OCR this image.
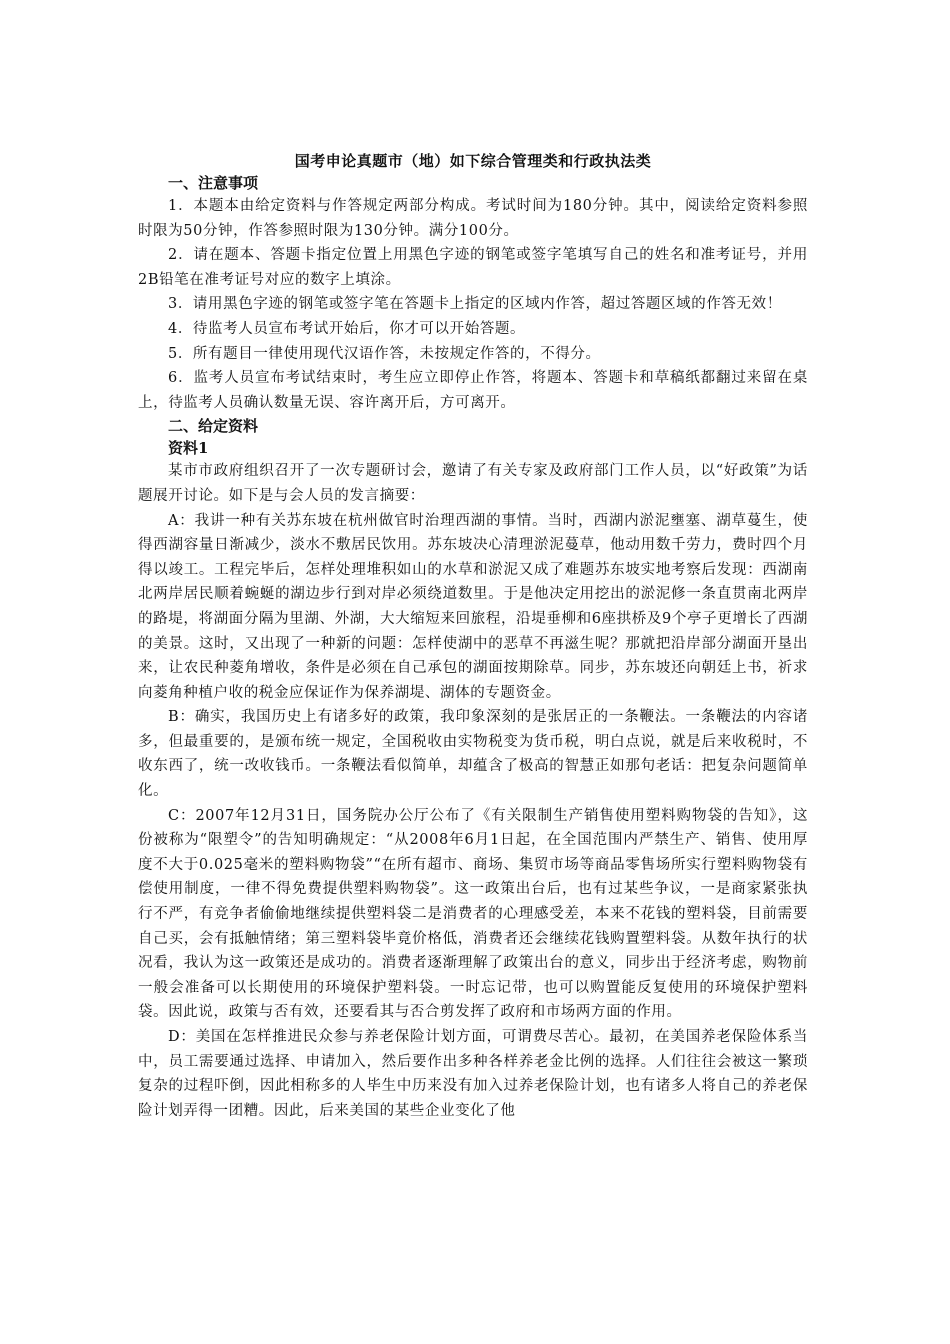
国考申论真题市（地）如下综合管理类和行政执法类

一、注意事项

1．本题本由给定资料与作答规定两部分构成。考试时间为180分钟。其中，阅读给定资料参照时限为50分钟，作答参照时限为130分钟。满分100分。

2．请在题本、答题卡指定位置上用黑色字迹的钢笔或签字笔填写自己的姓名和准考证号，并用2B铅笔在准考证号对应的数字上填涂。

3．请用黑色字迹的钢笔或签字笔在答题卡上指定的区域内作答，超过答题区域的作答无效！

4．待监考人员宣布考试开始后，你才可以开始答题。

5．所有题目一律使用现代汉语作答，未按规定作答的，不得分。

6．监考人员宣布考试结束时，考生应立即停止作答，将题本、答题卡和草稿纸都翻过来留在桌上，待监考人员确认数量无误、容许离开后，方可离开。

二、给定资料

资料1

某市市政府组织召开了一次专题研讨会，邀请了有关专家及政府部门工作人员，以“好政策”为话题展开讨论。如下是与会人员的发言摘要：

A：我讲一种有关苏东坡在杭州做官时治理西湖的事情。当时，西湖内淤泥壅塞、湖草蔓生，使得西湖容量日渐减少，淡水不敷居民饮用。苏东坡决心清理淤泥蔓草，他动用数千劳力，费时四个月得以竣工。工程完毕后，怎样处理堆积如山的水草和淤泥又成了难题苏东坡实地考察后发现：西湖南北两岸居民顺着蜿蜒的湖边步行到对岸必须绕道数里。于是他决定用挖出的淤泥修一条直贯南北两岸的路堤，将湖面分隔为里湖、外湖，大大缩短来回旅程，沿堤垂柳和6座拱桥及9个亭子更增长了西湖的美景。这时，又出现了一种新的问题：怎样使湖中的恶草不再滋生呢？那就把沿岸部分湖面开垦出来，让农民种菱角增收，条件是必须在自己承包的湖面按期除草。同步，苏东坡还向朝廷上书，祈求向菱角种植户收的税金应保证作为保养湖堤、湖体的专题资金。

B：确实，我国历史上有诸多好的政策，我印象深刻的是张居正的一条鞭法。一条鞭法的内容诸多，但最重要的，是颁布统一规定，全国税收由实物税变为货币税，明白点说，就是后来收税时，不收东西了，统一改收钱币。一条鞭法看似简单，却蕴含了极高的智慧正如那句老话：把复杂问题简单化。

C：2007年12月31日，国务院办公厅公布了《有关限制生产销售使用塑料购物袋的告知》，这份被称为“限塑令”的告知明确规定：“从2008年6月1日起，在全国范围内严禁生产、销售、使用厚度不大于0.025毫米的塑料购物袋”“在所有超市、商场、集贸市场等商品零售场所实行塑料购物袋有偿使用制度，一律不得免费提供塑料购物袋”。这一政策出台后，也有过某些争议，一是商家紧张执行不严，有竞争者偷偷地继续提供塑料袋二是消费者的心理感受差，本来不花钱的塑料袋，目前需要自己买，会有抵触情绪；第三塑料袋毕竟价格低，消费者还会继续花钱购置塑料袋。从数年执行的状况看，我认为这一政策还是成功的。消费者逐渐理解了政策出台的意义，同步出于经济考虑，购物前一般会准备可以长期使用的环境保护塑料袋。一时忘记带，也可以购置能反复使用的环境保护塑料袋。因此说，政策与否有效，还要看其与否合剪发挥了政府和市场两方面的作用。

D：美国在怎样推进民众参与养老保险计划方面，可谓费尽苦心。最初，在美国养老保险体系当中，员工需要通过选择、申请加入，然后要作出多种各样养老金比例的选择。人们往往会被这一繁琐复杂的过程吓倒，因此相称多的人毕生中历来没有加入过养老保险计划，也有诸多人将自己的养老保险计划弄得一团糟。因此，后来美国的某些企业变化了他
